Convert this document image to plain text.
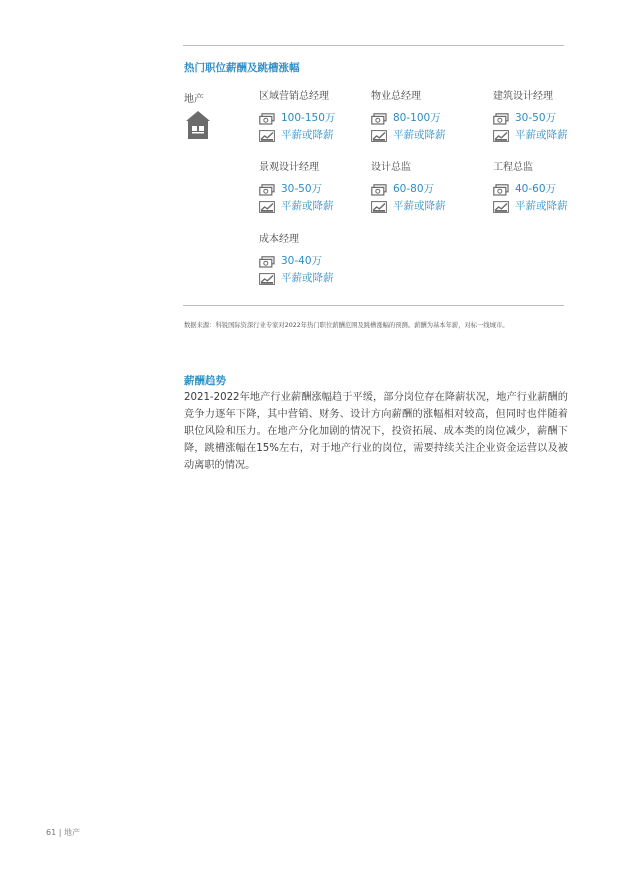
热门职位薪酬及跳槽涨幅
地产	区域营销总经理
100-150万
平薪或降薪
物业总经理
80-100万
平薪或降薪
建筑设计经理
30-50万
平薪或降薪
景观设计经理
30-50万
平薪或降薪
设计总监
60-80万
平薪或降薪
工程总监
40-60万
平薪或降薪
成本经理
30-40万
平薪或降薪
数据来源：科锐国际资深行业专家对2022年热门职位薪酬范围及跳槽涨幅的预测。薪酬为基本年薪，对标一线城市。
薪酬趋势

2021-2022年地产行业薪酬涨幅趋于平缓，部分岗位存在降薪状况，地产行业薪酬的竞争力逐年下降，其中营销、财务、设计方向薪酬的涨幅相对较高，但同时也伴随着职位风险和压力。在地产分化加剧的情况下，投资拓展、成本类的岗位减少，薪酬下降，跳槽涨幅在15%左右，对于地产行业的岗位，需要持续关注企业资金运营以及被动离职的情况。

61 | 地产
